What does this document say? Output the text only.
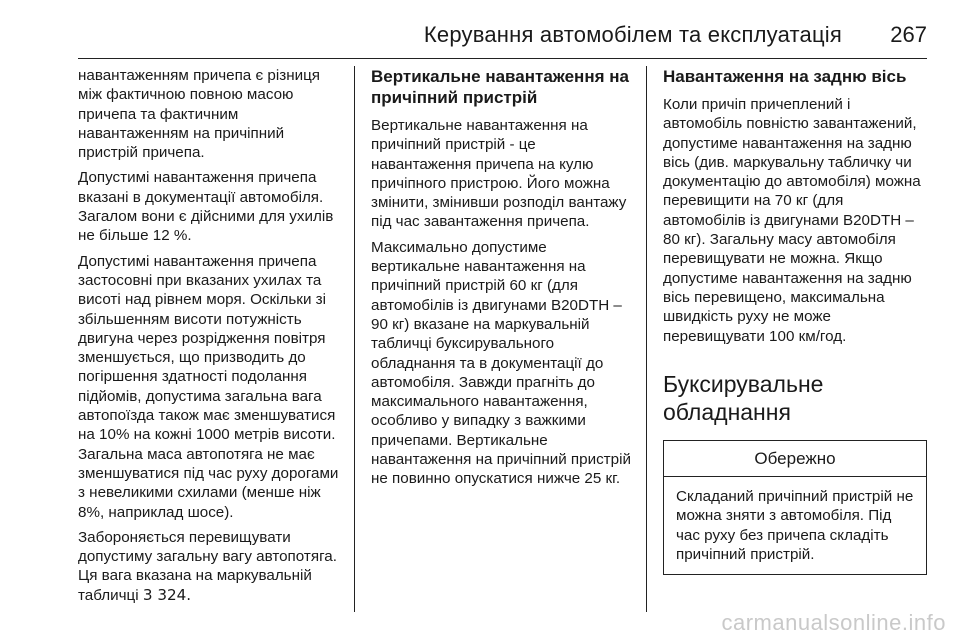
Керування автомобілем та експлуатація 267

навантаженням причепа є різниця між фактичною повною масою причепа та фактичним навантаженням на причіпний пристрій причепа.

Допустимі навантаження причепа вказані в документації автомобіля. Загалом вони є дійсними для ухилів не більше 12 %.

Допустимі навантаження причепа застосовні при вказаних ухилах та висоті над рівнем моря. Оскільки зі збільшенням висоти потужність двигуна через розрідження повітря зменшується, що призводить до погіршення здатності подолання підйомів, допустима загальна вага автопоїзда також має зменшуватися на 10% на кожні 1000 метрів висоти. Загальна маса автопотяга не має зменшуватися під час руху дорогами з невеликими схилами (менше ніж 8%, наприклад шосе).

Забороняється перевищувати допустиму загальну вагу автопотяга. Ця вага вказана на маркувальній табличці 3 324.

Вертикальне навантаження на причіпний пристрій

Вертикальне навантаження на причіпний пристрій - це навантаження причепа на кулю причіпного пристрою. Його можна змінити, змінивши розподіл вантажу під час завантаження причепа.

Максимально допустиме вертикальне навантаження на причіпний пристрій 60 кг (для автомобілів із двигунами B20DTH – 90 кг) вказане на маркувальній табличці буксирувального обладнання та в документації до автомобіля. Завжди прагніть до максимального навантаження, особливо у випадку з важкими причепами. Вертикальне навантаження на причіпний пристрій не повинно опускатися нижче 25 кг.

Навантаження на задню вісь

Коли причіп причеплений і автомобіль повністю завантажений, допустиме навантаження на задню вісь (див. маркувальну табличку чи документацію до автомобіля) можна перевищити на 70 кг (для автомобілів із двигунами B20DTH – 80 кг). Загальну масу автомобіля перевищувати не можна. Якщо допустиме навантаження на задню вісь перевищено, максимальна швидкість руху не може перевищувати 100 км/год.

Буксирувальне обладнання
Обережно
Складаний причіпний пристрій не можна зняти з автомобіля. Під час руху без причепа складіть причіпний пристрій.
carmanualsonline.info
